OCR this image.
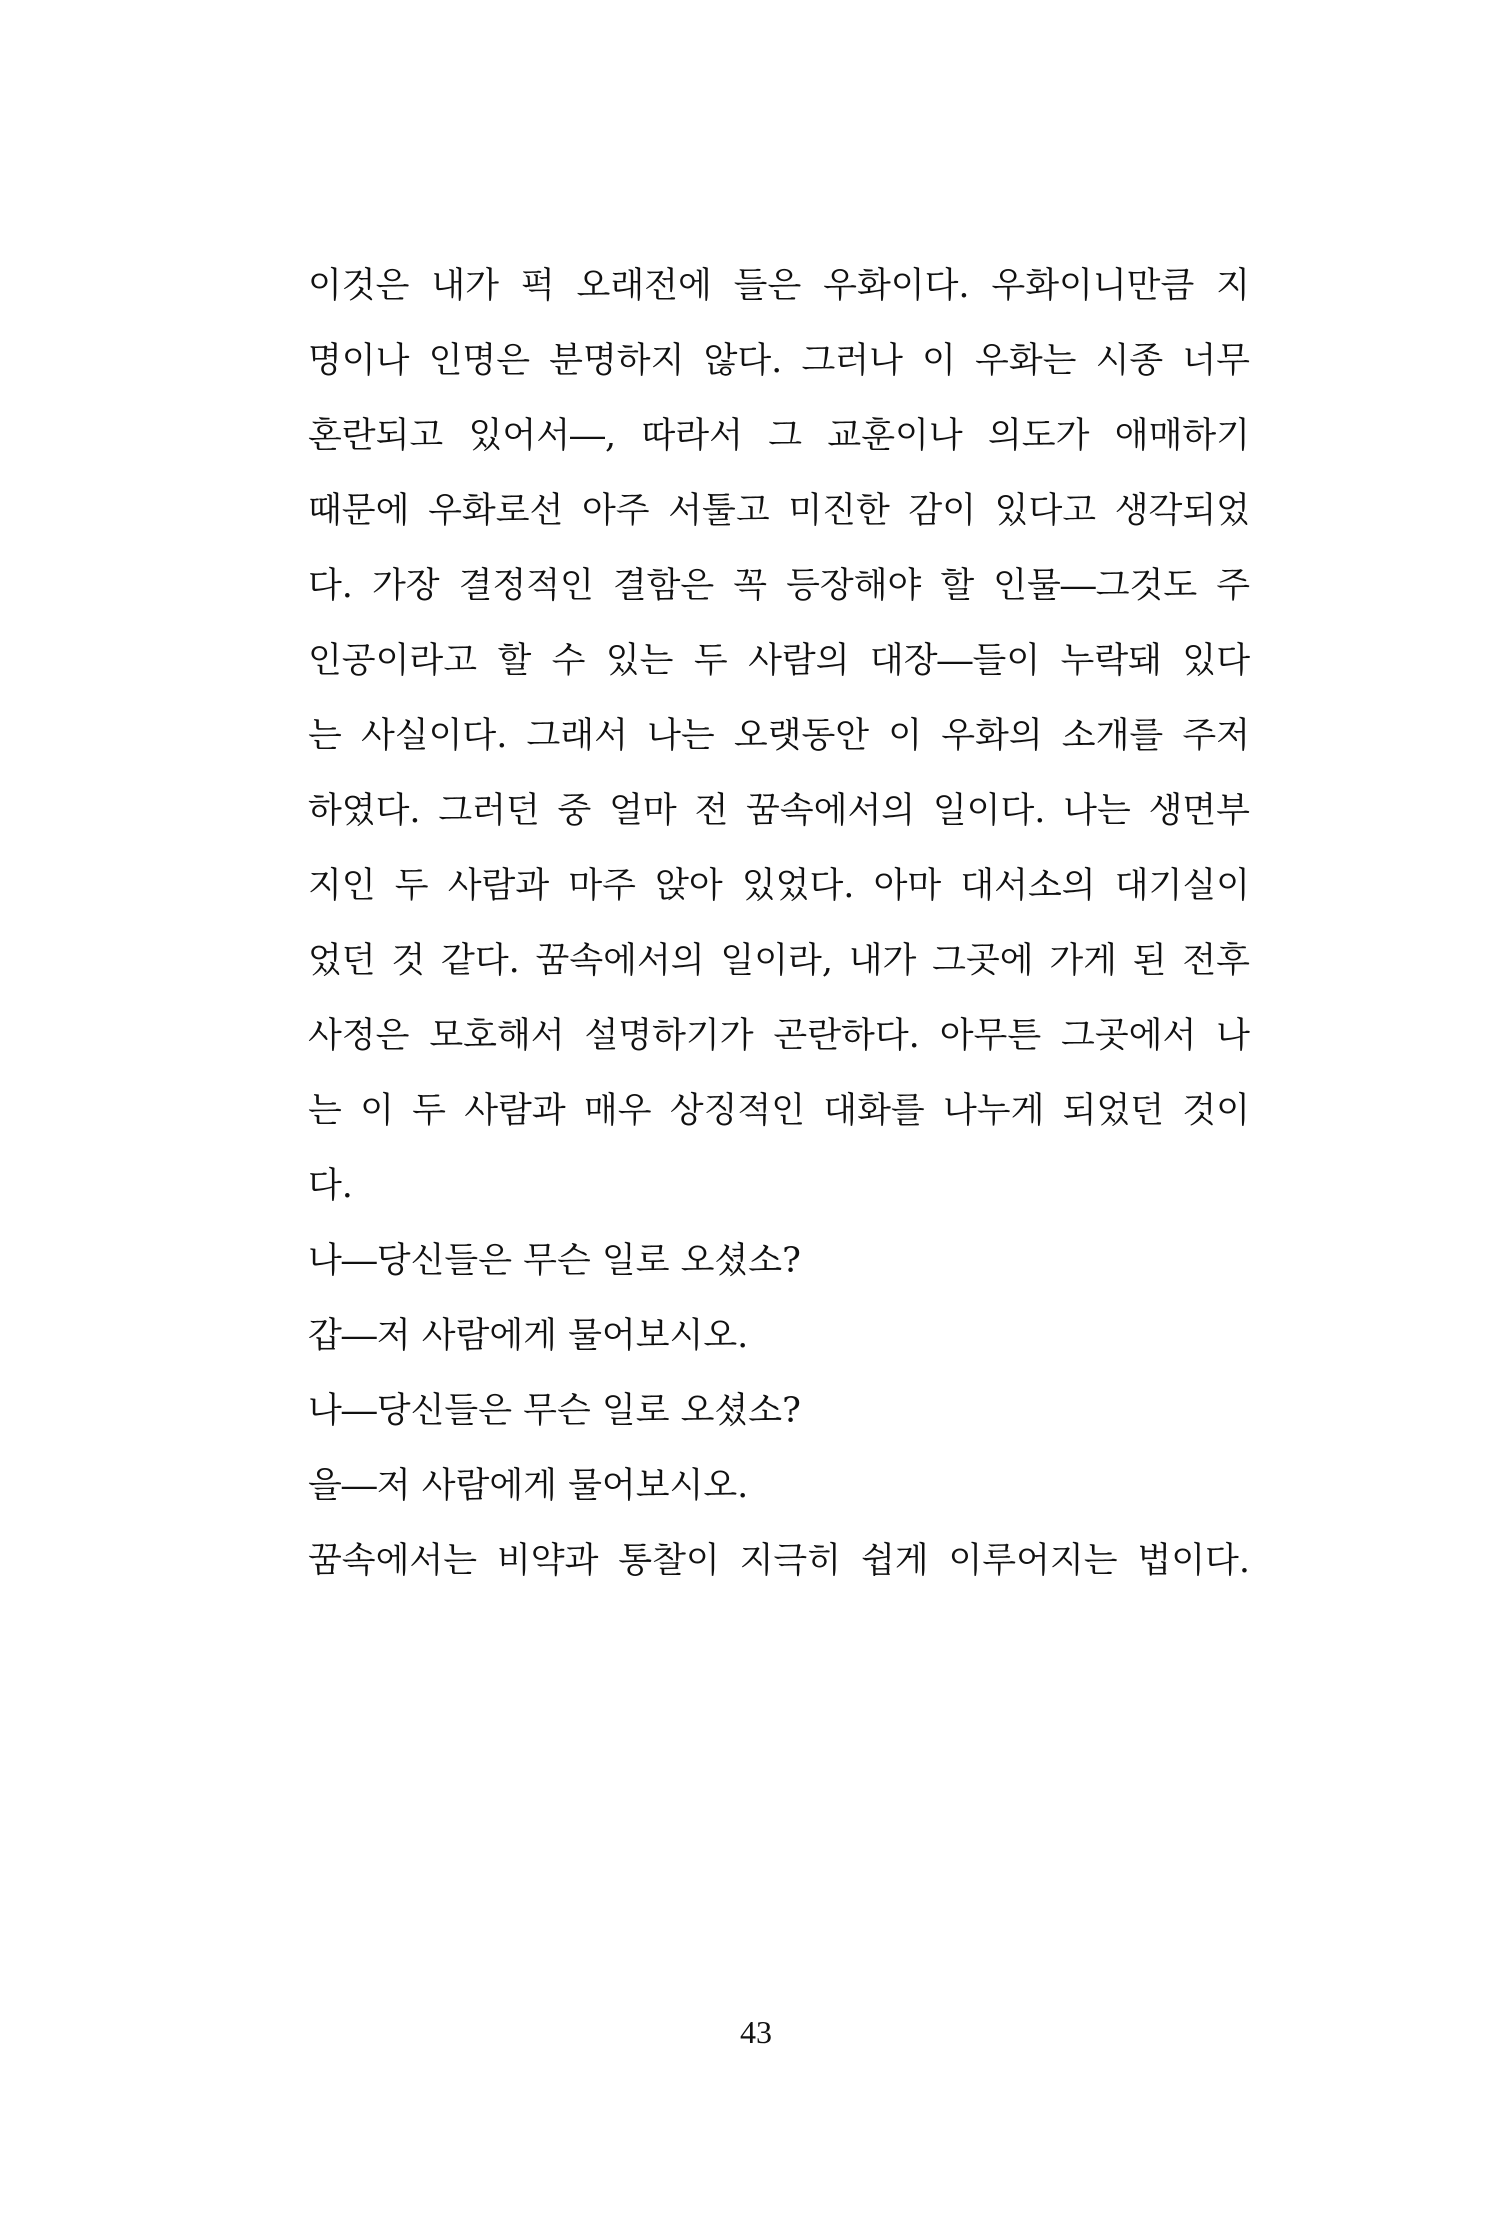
이것은 내가 퍽 오래전에 들은 우화이다. 우화이니만큼 지
명이나 인명은 분명하지 않다. 그러나 이 우화는 시종 너무
혼란되고 있어서―, 따라서 그 교훈이나 의도가 애매하기
때문에 우화로선 아주 서툴고 미진한 감이 있다고 생각되었
다. 가장 결정적인 결함은 꼭 등장해야 할 인물―그것도 주
인공이라고 할 수 있는 두 사람의 대장―들이 누락돼 있다
는 사실이다. 그래서 나는 오랫동안 이 우화의 소개를 주저
하였다. 그러던 중 얼마 전 꿈속에서의 일이다. 나는 생면부
지인 두 사람과 마주 앉아 있었다. 아마 대서소의 대기실이
었던 것 같다. 꿈속에서의 일이라, 내가 그곳에 가게 된 전후
사정은 모호해서 설명하기가 곤란하다. 아무튼 그곳에서 나
는 이 두 사람과 매우 상징적인 대화를 나누게 되었던 것이
다.
나―당신들은 무슨 일로 오셨소?
갑―저 사람에게 물어보시오.
나―당신들은 무슨 일로 오셨소?
을―저 사람에게 물어보시오.
꿈속에서는 비약과 통찰이 지극히 쉽게 이루어지는 법이다.
43
